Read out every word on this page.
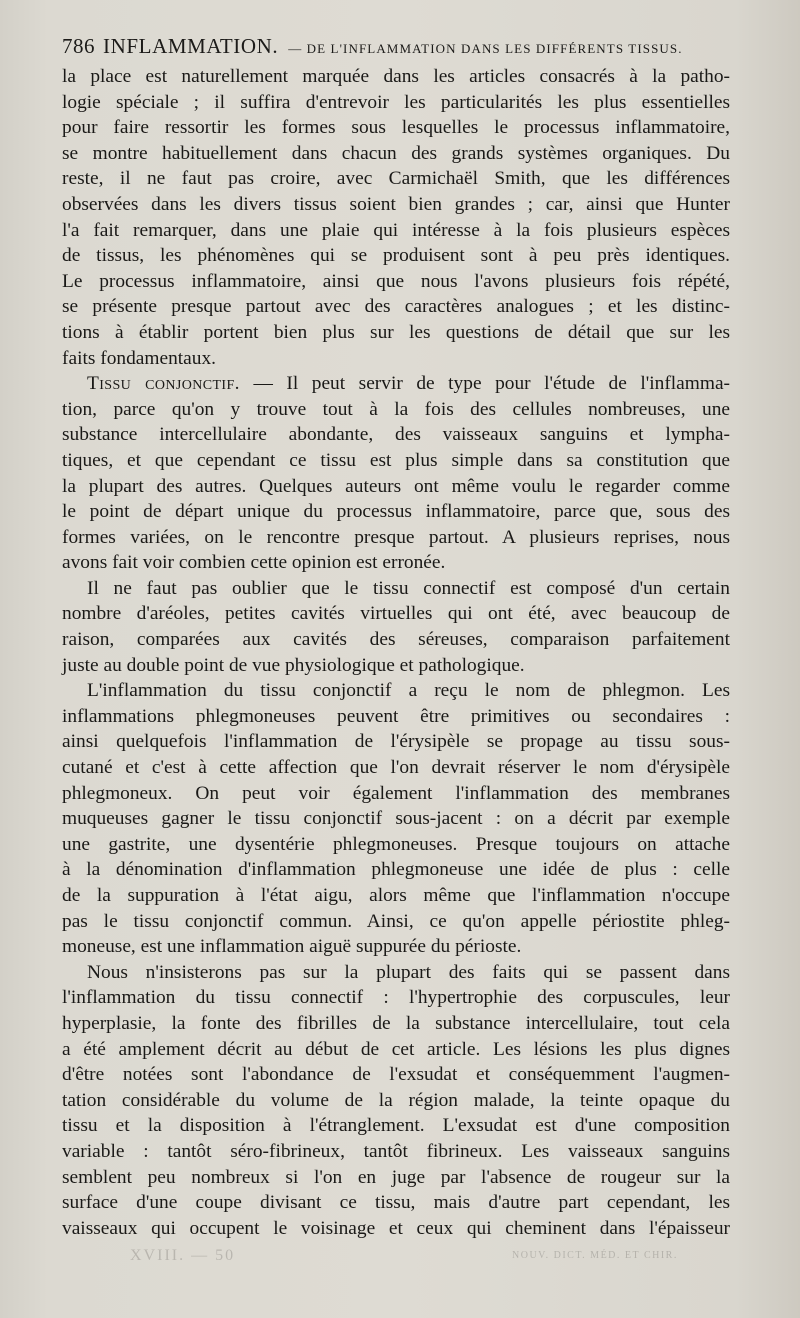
786 INFLAMMATION. — DE L'INFLAMMATION DANS LES DIFFÉRENTS TISSUS.
la place est naturellement marquée dans les articles consacrés à la patho-
logie spéciale ; il suffira d'entrevoir les particularités les plus essentielles
pour faire ressortir les formes sous lesquelles le processus inflammatoire,
se montre habituellement dans chacun des grands systèmes organiques. Du
reste, il ne faut pas croire, avec Carmichaël Smith, que les différences
observées dans les divers tissus soient bien grandes ; car, ainsi que Hunter
l'a fait remarquer, dans une plaie qui intéresse à la fois plusieurs espèces
de tissus, les phénomènes qui se produisent sont à peu près identiques.
Le processus inflammatoire, ainsi que nous l'avons plusieurs fois répété,
se présente presque partout avec des caractères analogues ; et les distinc-
tions à établir portent bien plus sur les questions de détail que sur les
faits fondamentaux.
Tissu conjonctif. — Il peut servir de type pour l'étude de l'inflamma-
tion, parce qu'on y trouve tout à la fois des cellules nombreuses, une
substance intercellulaire abondante, des vaisseaux sanguins et lympha-
tiques, et que cependant ce tissu est plus simple dans sa constitution que
la plupart des autres. Quelques auteurs ont même voulu le regarder comme
le point de départ unique du processus inflammatoire, parce que, sous des
formes variées, on le rencontre presque partout. A plusieurs reprises, nous
avons fait voir combien cette opinion est erronée.
Il ne faut pas oublier que le tissu connectif est composé d'un certain
nombre d'aréoles, petites cavités virtuelles qui ont été, avec beaucoup de
raison, comparées aux cavités des séreuses, comparaison parfaitement
juste au double point de vue physiologique et pathologique.
L'inflammation du tissu conjonctif a reçu le nom de phlegmon. Les
inflammations phlegmoneuses peuvent être primitives ou secondaires :
ainsi quelquefois l'inflammation de l'érysipèle se propage au tissu sous-
cutané et c'est à cette affection que l'on devrait réserver le nom d'érysipèle
phlegmoneux. On peut voir également l'inflammation des membranes
muqueuses gagner le tissu conjonctif sous-jacent : on a décrit par exemple
une gastrite, une dysentérie phlegmoneuses. Presque toujours on attache
à la dénomination d'inflammation phlegmoneuse une idée de plus : celle
de la suppuration à l'état aigu, alors même que l'inflammation n'occupe
pas le tissu conjonctif commun. Ainsi, ce qu'on appelle périostite phleg-
moneuse, est une inflammation aiguë suppurée du périoste.
Nous n'insisterons pas sur la plupart des faits qui se passent dans
l'inflammation du tissu connectif : l'hypertrophie des corpuscules, leur
hyperplasie, la fonte des fibrilles de la substance intercellulaire, tout cela
a été amplement décrit au début de cet article. Les lésions les plus dignes
d'être notées sont l'abondance de l'exsudat et conséquemment l'augmen-
tation considérable du volume de la région malade, la teinte opaque du
tissu et la disposition à l'étranglement. L'exsudat est d'une composition
variable : tantôt séro-fibrineux, tantôt fibrineux. Les vaisseaux sanguins
semblent peu nombreux si l'on en juge par l'absence de rougeur sur la
surface d'une coupe divisant ce tissu, mais d'autre part cependant, les
vaisseaux qui occupent le voisinage et ceux qui cheminent dans l'épaisseur
XVIII. — 50	NOUV. DICT. MÉD. ET CHIR.
